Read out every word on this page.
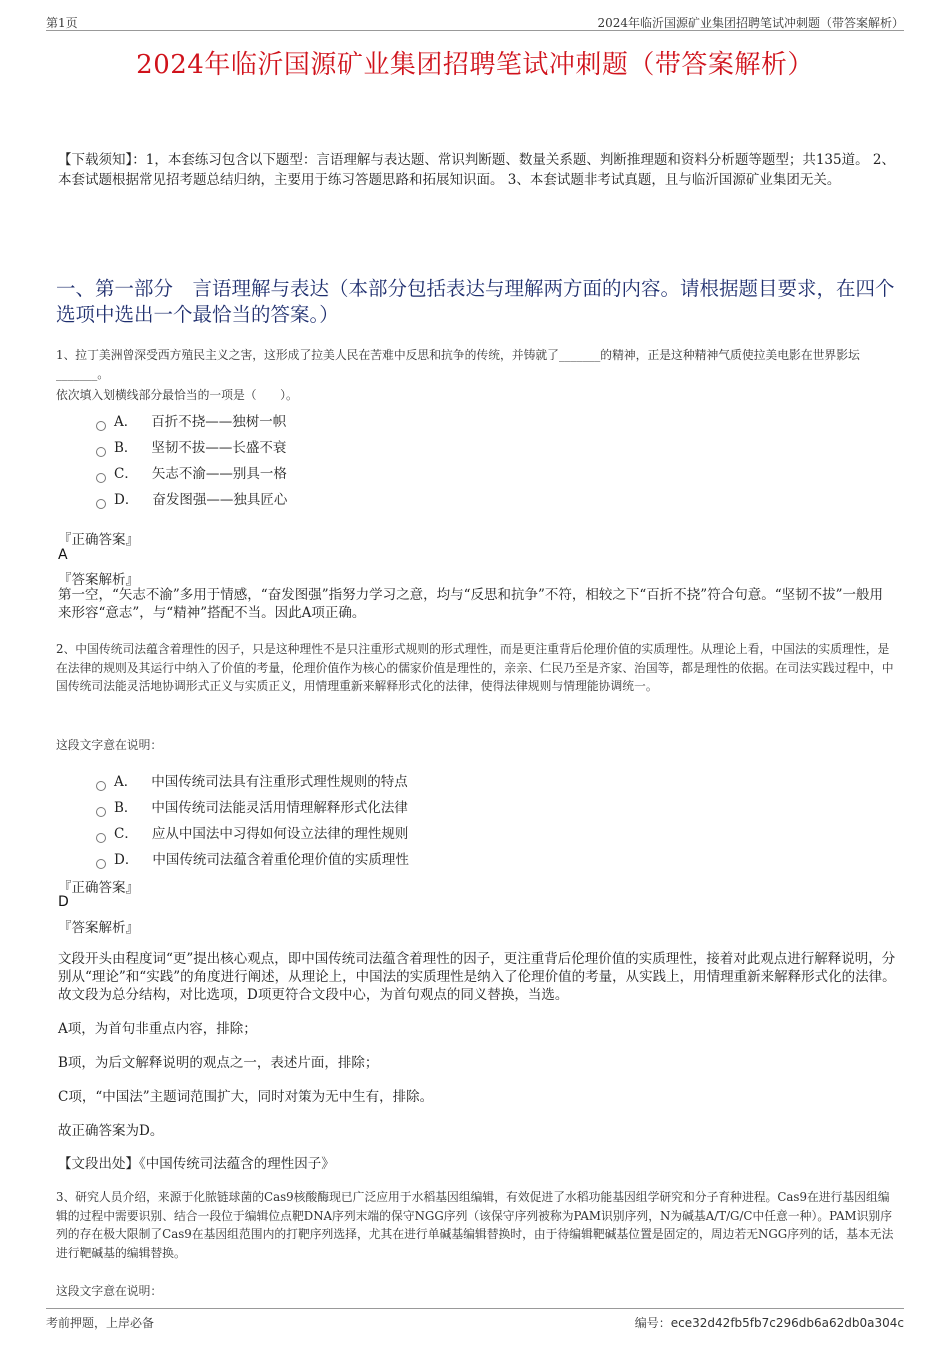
第1页	2024年临沂国源矿业集团招聘笔试冲刺题（带答案解析）
2024年临沂国源矿业集团招聘笔试冲刺题（带答案解析）
【下载须知】：1，本套练习包含以下题型：言语理解与表达题、常识判断题、数量关系题、判断推理题和资料分析题等题型；共135道。 2、本套试题根据常见招考题总结归纳，主要用于练习答题思路和拓展知识面。 3、本套试题非考试真题，且与临沂国源矿业集团无关。
一、第一部分　言语理解与表达（本部分包括表达与理解两方面的内容。请根据题目要求，在四个选项中选出一个最恰当的答案。）
1、拉丁美洲曾深受西方殖民主义之害，这形成了拉美人民在苦难中反思和抗争的传统，并铸就了_______的精神，正是这种精神气质使拉美电影在世界影坛_______。
依次填入划横线部分最恰当的一项是（　　）。
A． 百折不挠——独树一帜
B． 坚韧不拔——长盛不衰
C． 矢志不渝——别具一格
D． 奋发图强——独具匠心
『正确答案』
A
『答案解析』
第一空，“矢志不渝”多用于情感，“奋发图强”指努力学习之意，均与“反思和抗争”不符，相较之下“百折不挠”符合句意。“坚韧不拔”一般用来形容“意志”，与“精神”搭配不当。因此A项正确。
2、中国传统司法蕴含着理性的因子，只是这种理性不是只注重形式规则的形式理性，而是更注重背后伦理价值的实质理性。从理论上看，中国法的实质理性，是在法律的规则及其运行中纳入了价值的考量，伦理价值作为核心的儒家价值是理性的，亲亲、仁民乃至是齐家、治国等，都是理性的依据。在司法实践过程中，中国传统司法能灵活地协调形式正义与实质正义，用情理重新来解释形式化的法律，使得法律规则与情理能协调统一。
这段文字意在说明：
A． 中国传统司法具有注重形式理性规则的特点
B． 中国传统司法能灵活用情理解释形式化法律
C． 应从中国法中习得如何设立法律的理性规则
D． 中国传统司法蕴含着重伦理价值的实质理性
『正确答案』
D
『答案解析』
文段开头由程度词“更”提出核心观点，即中国传统司法蕴含着理性的因子，更注重背后伦理价值的实质理性，接着对此观点进行解释说明，分别从“理论”和“实践”的角度进行阐述，从理论上，中国法的实质理性是纳入了伦理价值的考量，从实践上，用情理重新来解释形式化的法律。故文段为总分结构，对比选项，D项更符合文段中心，为首句观点的同义替换，当选。
A项，为首句非重点内容，排除；
B项，为后文解释说明的观点之一，表述片面，排除；
C项，“中国法”主题词范围扩大，同时对策为无中生有，排除。
故正确答案为D。
【文段出处】《中国传统司法蕴含的理性因子》
3、研究人员介绍，来源于化脓链球菌的Cas9核酸酶现已广泛应用于水稻基因组编辑，有效促进了水稻功能基因组学研究和分子育种进程。Cas9在进行基因组编辑的过程中需要识别、结合一段位于编辑位点靶DNA序列末端的保守NGG序列（该保守序列被称为PAM识别序列，N为碱基A/T/G/C中任意一种）。PAM识别序列的存在极大限制了Cas9在基因组范围内的打靶序列选择，尤其在进行单碱基编辑替换时，由于待编辑靶碱基位置是固定的，周边若无NGG序列的话，基本无法进行靶碱基的编辑替换。
这段文字意在说明：
考前押题，上岸必备	编号：ece32d42fb5fb7c296db6a62db0a304c
